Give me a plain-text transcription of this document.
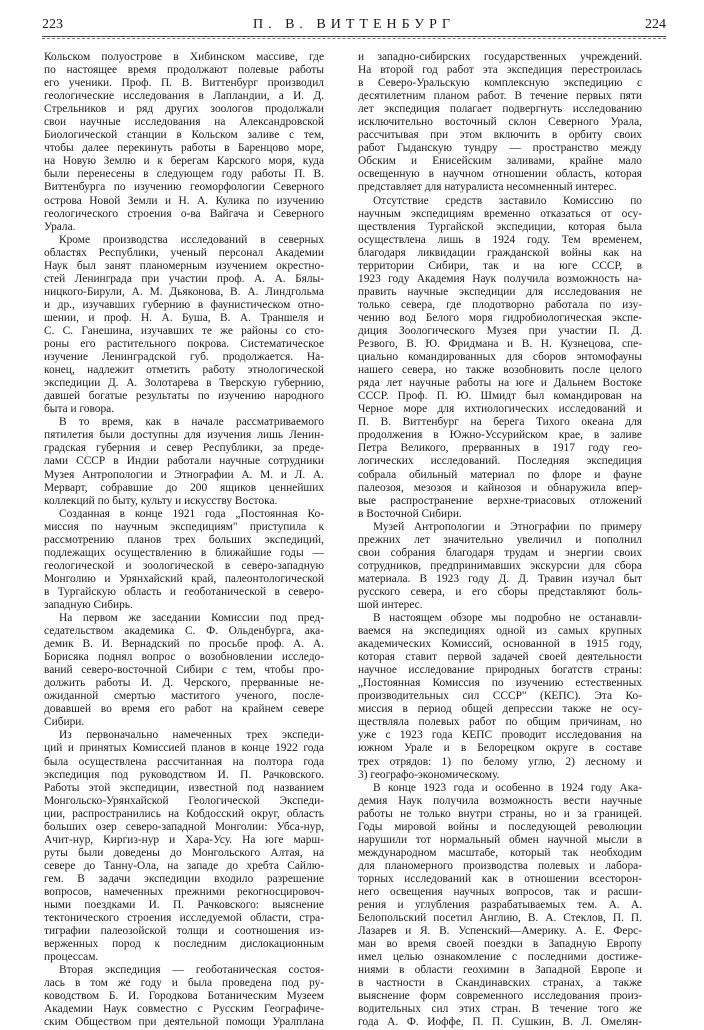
223	П. В. ВИТТЕНБУРГ	224

Кольском полуострове в Хибинском массиве, где
по настоящее время продолжают полевые работы
его ученики. Проф. П. В. Виттенбург производил
геологические исследования в Лапландии, а И. Д.
Стрельников и ряд других зоологов продолжали
свои научные исследования на Александровской
Биологической станции в Кольском заливе с тем,
чтобы далее перекинуть работы в Баренцово море,
на Новую Землю и к берегам Карского моря, куда
были перенесены в следующем году работы П. В.
Виттенбурга по изучению геоморфологии Северного
острова Новой Земли и Н. А. Кулика по изучению
геологического строения о-ва Вайгача и Северного
Урала.

Кроме производства исследований в северных
областях Республики, ученый персонал Академии
Наук был занят планомерным изучением окрестно-
стей Ленинграда при участии проф. А. А. Бялы-
ницкого-Бирули, А. М. Дьяконова, В. А. Линдгольма
и др., изучавших губернию в фаунистическом отно-
шении, и проф. Н. А. Буша, В. А. Траншеля и
С. С. Ганешина, изучавших те же районы со сто-
роны его растительного покрова. Систематическое
изучение Ленинградской губ. продолжается. На-
конец, надлежит отметить работу этнологической
экспедиции Д. А. Золотарева в Тверскую губернию,
давшей богатые результаты по изучению народного
быта и говора.

В то время, как в начале рассматриваемого
пятилетия были доступны для изучения лишь Ленин-
градская губерния и север Республики, за преде-
лами СССР в Индии работали научные сотрудники
Музея Антропологии и Этнографии А. М. и Л. А.
Мерварт, собравшие до 200 ящиков ценнейших
коллекций по быту, культу и искусству Востока.

Созданная в конце 1921 года „Постоянная Ко-
миссия по научным экспедициям" приступила к
рассмотрению планов трех больших экспедиций,
подлежащих осуществлению в ближайшие годы —
геологической и зоологической в северо-западную
Монголию и Урянхайский край, палеонтологической
в Тургайскую область и геоботанической в северо-
западную Сибирь.

На первом же заседании Комиссии под пред-
седательством академика С. Ф. Ольденбурга, ака-
демик В. И. Вернадский по просьбе проф. А. А.
Борисяка поднял вопрос о возобновлении исследо-
ваний северо-восточной Сибири с тем, чтобы про-
должить работы И. Д. Черского, прерванные не-
ожиданной смертью маститого ученого, после-
довавшей во время его работ на крайнем севере
Сибири.

Из первоначально намеченных трех экспеди-
ций и принятых Комиссией планов в конце 1922 года
была осуществлена рассчитанная на полтора года
экспедиция под руководством И. П. Рачковского.
Работы этой экспедиции, известной под названием
Монгольско-Урянхайской Геологической Экспеди-
ции, распространились на Кобдосский округ, область
больших озер северо-западной Монголии: Убса-нур,
Ачит-нур, Киргиз-нур и Хара-Усу. На юге марш-
руты были доведены до Монгольского Алтая, на
севере до Танну-Ола, на западе до хребта Сайлю-
гем. В задачи экспедиции входило разрешение
вопросов, намеченных прежними рекогносцировоч-
ными поездками И. П. Рачковского: выяснение
тектонического строения исследуемой области, стра-
тиграфии палеозойской толщи и соотношения из-
верженных пород к последним дислокационным
процессам.

Вторая экспедиция — геоботаническая состоя-
лась в том же году и была проведена под ру-
ководством Б. И. Городкова Ботаническим Музеем
Академии Наук совместно с Русским Географиче-
ским Обществом при деятельной помощи Уралплана

и западно-сибирских государственных учреждений.
На второй год работ эта экспедиция перестроилась
в Северо-Уральскую комплексную экспедицию с
десятилетним планом работ. В течение первых пяти
лет экспедиция полагает подвергнуть исследованию
исключительно восточный склон Северного Урала,
рассчитывая при этом включить в орбиту своих
работ Гыданскую тундру — пространство между
Обским и Енисейским заливами, крайне мало
освещенную в научном отношении область, которая
представляет для натуралиста несомненный интерес.

Отсутствие средств заставило Комиссию по
научным экспедициям временно отказаться от осу-
ществления Тургайской экспедиции, которая была
осуществлена лишь в 1924 году. Тем временем,
благодаря ликвидации гражданской войны как на
территории Сибири, так и на юге СССР, в
1923 году Академия Наук получила возможность на-
править научные экспедиции для исследования не
только севера, где плодотворно работала по изу-
чению вод Белого моря гидробиологическая экспе-
диция Зоологического Музея при участии П. Д.
Резвого, В. Ю. Фридмана и В. Н. Кузнецова, спе-
циально командированных для сборов энтомофауны
нашего севера, но также возобновить после целого
ряда лет научные работы на юге и Дальнем Востоке
СССР. Проф. П. Ю. Шмидт был командирован на
Черное море для ихтиологических исследований и
П. В. Виттенбург на берега Тихого океана для
продолжения в Южно-Уссурийском крае, в заливе
Петра Великого, прерванных в 1917 году гео-
логических исследований. Последняя экспедиция
собрала обильный материал по флоре и фауне
палеозоя, мезозоя и кайнозоя и обнаружила впер-
вые распространение верхне-триасовых отложений
в Восточной Сибири.

Музей Антропологии и Этнографии по примеру
прежних лет значительно увеличил и пополнил
свои собрания благодаря трудам и энергии своих
сотрудников, предпринимавших экскурсии для сбора
материала. В 1923 году Д. Д. Травин изучал быт
русского севера, и его сборы представляют боль-
шой интерес.

В настоящем обзоре мы подробно не останавли-
ваемся на экспедициях одной из самых крупных
академических Комиссий, основанной в 1915 году,
которая ставит первой задачей своей деятельности
научное исследование природных богатств страны:
„Постоянная Комиссия по изучению естественных
производительных сил СССР" (КЕПС). Эта Ко-
миссия в период общей депрессии также не осу-
ществляла полевых работ по общим причинам, но
уже с 1923 года КЕПС проводит исследования на
южном Урале и в Белорецком округе в составе
трех отрядов: 1) по белому углю, 2) лесному и
3) географо-экономическому.

В конце 1923 года и особенно в 1924 году Ака-
демия Наук получила возможность вести научные
работы не только внутри страны, но и за границей.
Годы мировой войны и последующей революции
нарушили тот нормальный обмен научной мысли в
международном масштабе, который так необходим
для планомерного производства полевых и лабора-
торных исследований как в отношении всесторон-
него освещения научных вопросов, так и расши-
рения и углубления разрабатываемых тем. А. А.
Белопольский посетил Англию, В. А. Стеклов, П. П.
Лазарев и Я. В. Успенский—Америку. А. Е. Ферс-
ман во время своей поездки в Западную Европу
имел целью ознакомление с последними достиже-
ниями в области геохимии в Западной Европе и
в частности в Скандинавских странах, а также
выяснение форм современного исследования произ-
водительных сил этих стран. В течение того же
года А. Ф. Иоффе, П. П. Сушкин, В. Л. Омелян-
